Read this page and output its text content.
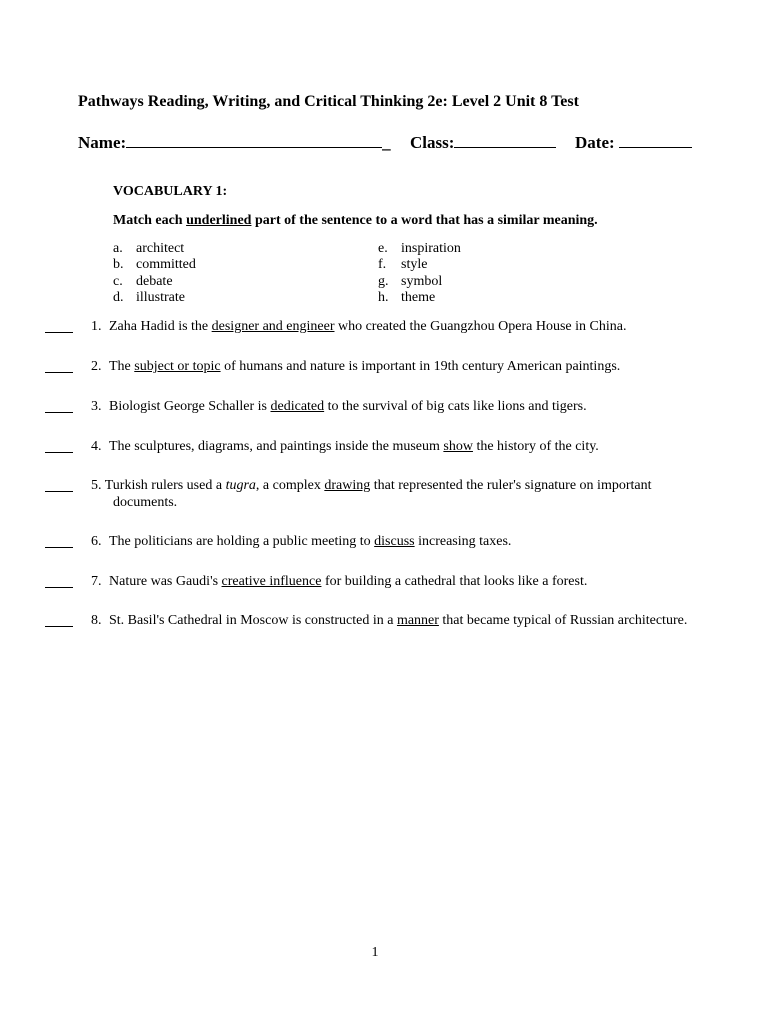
Pathways Reading, Writing, and Critical Thinking 2e: Level 2 Unit 8 Test
Name:	_ Class:	Date:
VOCABULARY 1:
Match each underlined part of the sentence to a word that has a similar meaning.
a. architect
b. committed
c. debate
d. illustrate
e. inspiration
f. style
g. symbol
h. theme
1. Zaha Hadid is the designer and engineer who created the Guangzhou Opera House in China.
2. The subject or topic of humans and nature is important in 19th century American paintings.
3. Biologist George Schaller is dedicated to the survival of big cats like lions and tigers.
4. The sculptures, diagrams, and paintings inside the museum show the history of the city.
5. Turkish rulers used a tugra, a complex drawing that represented the ruler's signature on important
documents.
6. The politicians are holding a public meeting to discuss increasing taxes.
7. Nature was Gaudi's creative influence for building a cathedral that looks like a forest.
8. St. Basil's Cathedral in Moscow is constructed in a manner that became typical of Russian architecture.
1
